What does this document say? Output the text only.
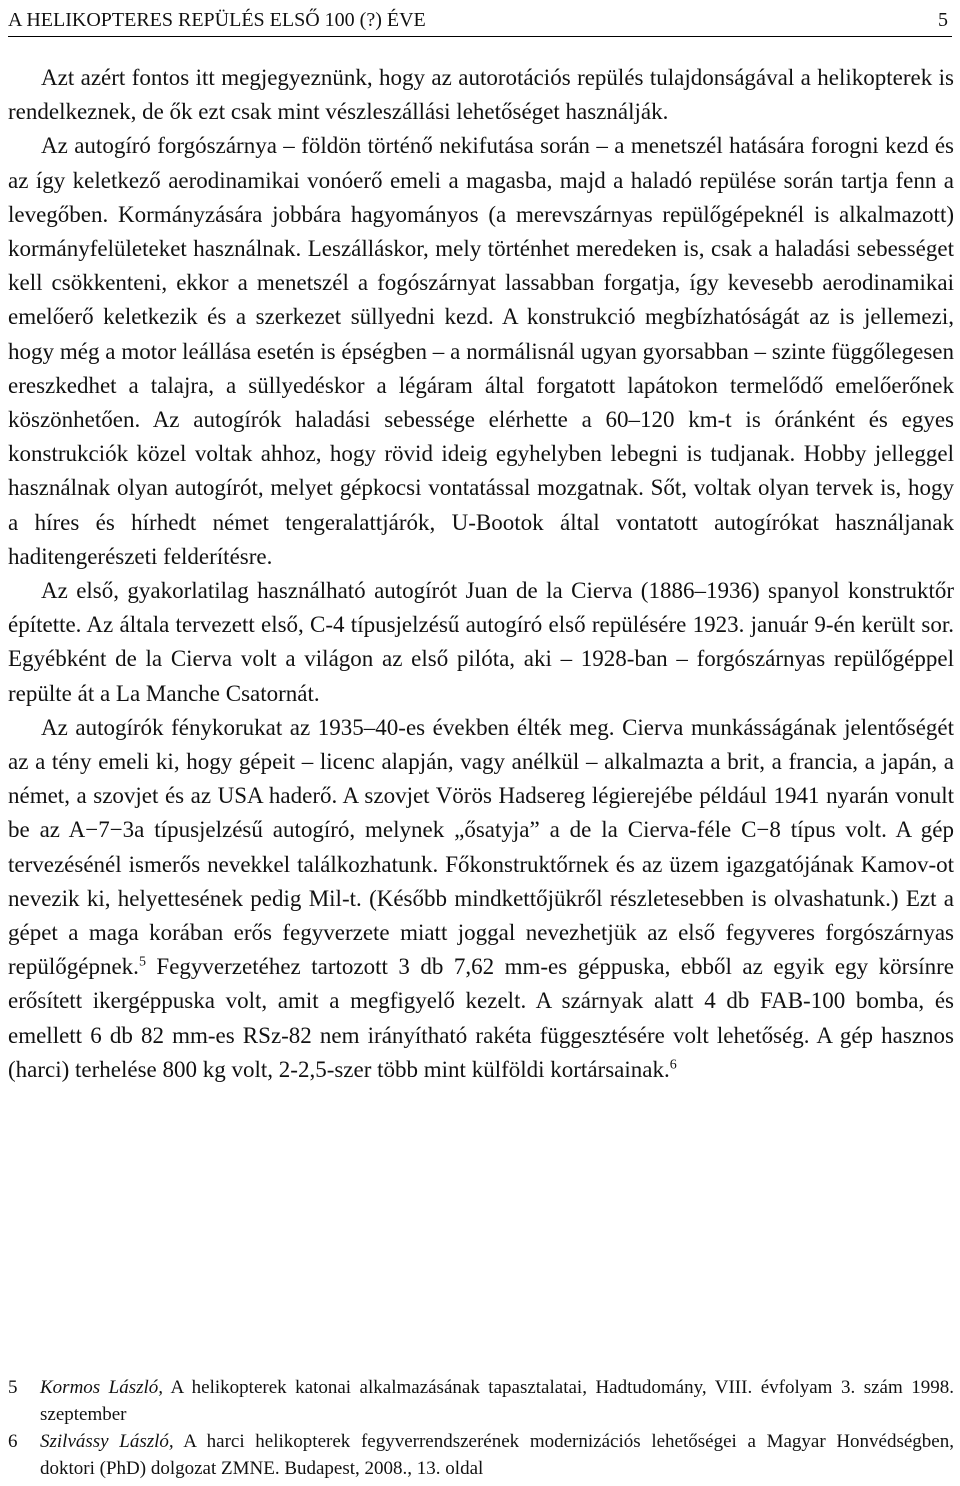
A HELIKOPTERES REPÜLÉS ELSŐ 100 (?) ÉVE	5

Azt azért fontos itt megjegyeznünk, hogy az autorotációs repülés tulajdonságával a helikopterek is rendelkeznek, de ők ezt csak mint vészleszállási lehetőséget használják.

Az autogíró forgószárnya – földön történő nekifutása során – a menetszél hatására forogni kezd és az így keletkező aerodinamikai vonóerő emeli a magasba, majd a haladó repülése során tartja fenn a levegőben. Kormányzására jobbára hagyományos (a merevszárnyas repülőgépeknél is alkalmazott) kormányfelületeket használnak. Leszálláskor, mely történhet meredeken is, csak a haladási sebességet kell csökkenteni, ekkor a menetszél a fogószárnyat lassabban forgatja, így kevesebb aerodinamikai emelőerő keletkezik és a szerkezet süllyedni kezd. A konstrukció megbízhatóságát az is jellemezi, hogy még a motor leállása esetén is épségben – a normálisnál ugyan gyorsabban – szinte függőlegesen ereszkedhet a talajra, a süllyedéskor a légáram által forgatott lapátokon termelődő emelőerőnek köszönhetően. Az autogírók haladási sebessége elérhette a 60–120 km-t is óránként és egyes konstrukciók közel voltak ahhoz, hogy rövid ideig egyhelyben lebegni is tudjanak. Hobby jelleggel használnak olyan autogírót, melyet gépkocsi vontatással mozgatnak. Sőt, voltak olyan tervek is, hogy a híres és hírhedt német tengeralattjárók, U-Bootok által vontatott autogírókat használjanak haditengerészeti felderítésre.

Az első, gyakorlatilag használható autogírót Juan de la Cierva (1886–1936) spanyol konstruktőr építette. Az általa tervezett első, C-4 típusjelzésű autogíró első repülésére 1923. január 9-én került sor. Egyébként de la Cierva volt a világon az első pilóta, aki – 1928-ban – forgószárnyas repülőgéppel repülte át a La Manche Csatornát.

Az autogírók fénykorukat az 1935–40-es években élték meg. Cierva munkásságának jelentőségét az a tény emeli ki, hogy gépeit – licenc alapján, vagy anélkül – alkalmazta a brit, a francia, a japán, a német, a szovjet és az USA haderő. A szovjet Vörös Hadsereg légierejébe például 1941 nyarán vonult be az A−7−3a típusjelzésű autogíró, melynek „ősatyja” a de la Cierva-féle C−8 típus volt. A gép tervezésénél ismerős nevekkel találkozhatunk. Főkonstruktőrnek és az üzem igazgatójának Kamov-ot nevezik ki, helyettesének pedig Mil-t. (Később mindkettőjükről részletesebben is olvashatunk.) Ezt a gépet a maga korában erős fegyverzete miatt joggal nevezhetjük az első fegyveres forgószárnyas repülőgépnek.$^5$ Fegyverzetéhez tartozott 3 db 7,62 mm-es géppuska, ebből az egyik egy körsínre erősített ikergéppuska volt, amit a megfigyelő kezelt. A szárnyak alatt 4 db FAB-100 bomba, és emellett 6 db 82 mm-es RSz-82 nem irányítható rakéta függesztésére volt lehetőség. A gép hasznos (harci) terhelése 800 kg volt, 2-2,5-szer több mint külföldi kortársainak.$^6$

5 Kormos László, A helikopterek katonai alkalmazásának tapasztalatai, Hadtudomány, VIII. évfolyam 3. szám 1998. szeptember
6 Szilvássy László, A harci helikopterek fegyverrendszerének modernizációs lehetőségei a Magyar Honvédségben, doktori (PhD) dolgozat ZMNE. Budapest, 2008., 13. oldal
